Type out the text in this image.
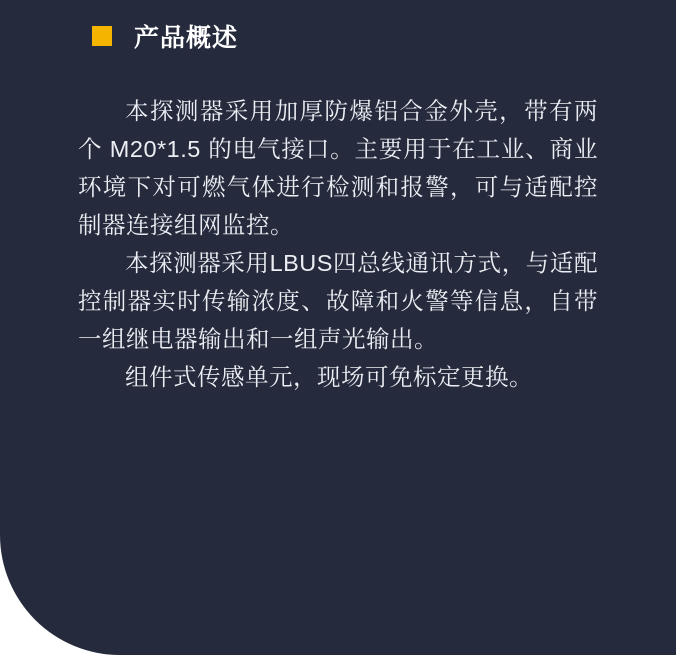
产品概述

本探测器采用加厚防爆铝合金外壳，带有两个 M20*1.5 的电气接口。主要用于在工业、商业环境下对可燃气体进行检测和报警，可与适配控制器连接组网监控。

本探测器采用LBUS四总线通讯方式，与适配控制器实时传输浓度、故障和火警等信息，自带一组继电器输出和一组声光输出。

组件式传感单元，现场可免标定更换。
